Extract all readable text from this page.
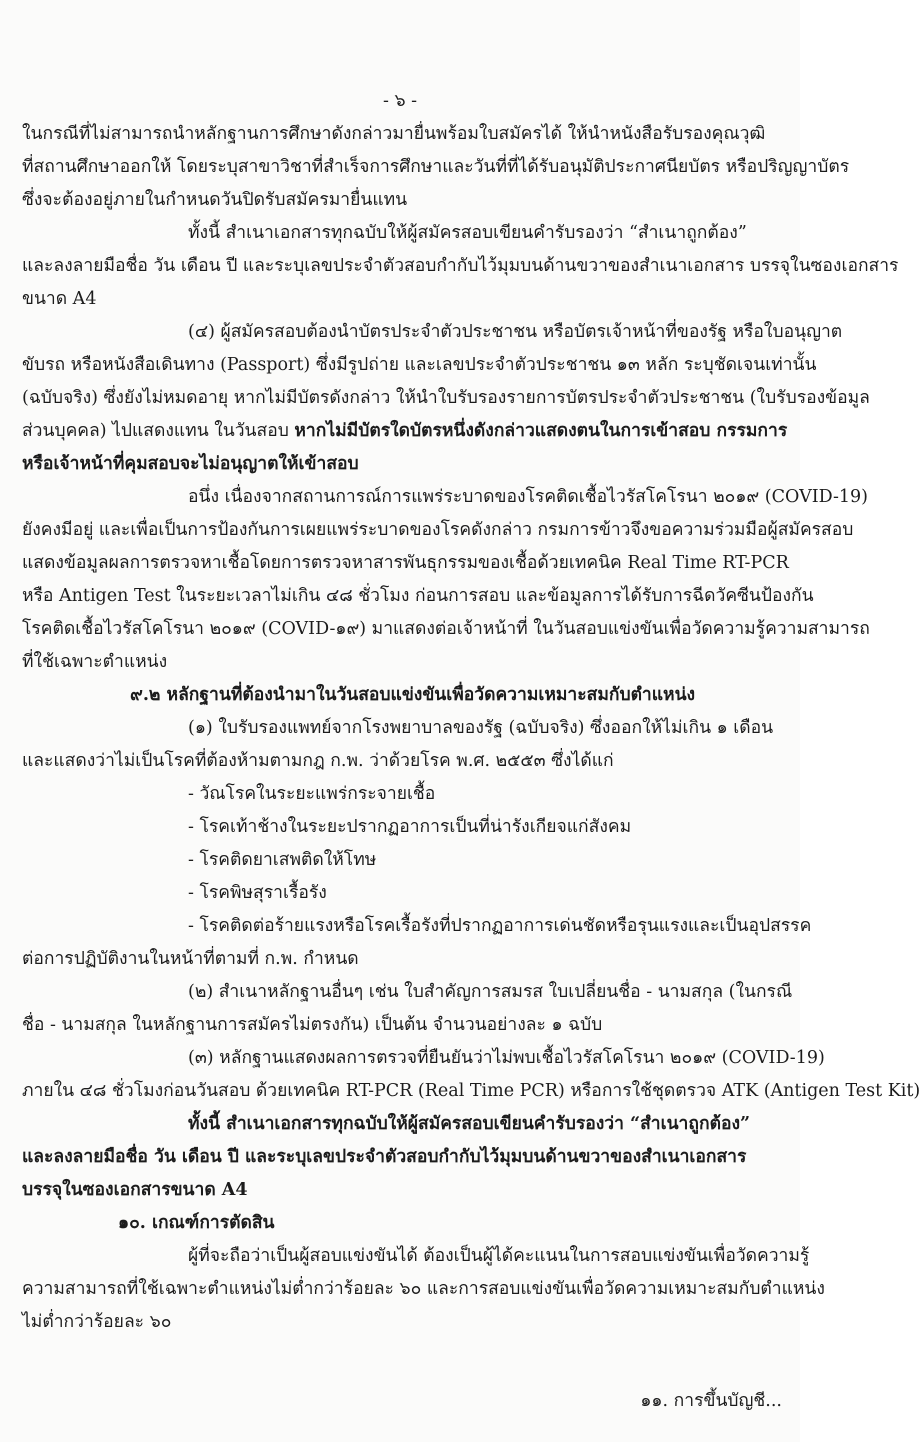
- ๖ -
ในกรณีที่ไม่สามารถนำหลักฐานการศึกษาดังกล่าวมายื่นพร้อมใบสมัครได้ ให้นำหนังสือรับรองคุณวุฒิ
ที่สถานศึกษาออกให้ โดยระบุสาขาวิชาที่สำเร็จการศึกษาและวันที่ที่ได้รับอนุมัติประกาศนียบัตร หรือปริญญาบัตร
ซึ่งจะต้องอยู่ภายในกำหนดวันปิดรับสมัครมายื่นแทน
ทั้งนี้ สำเนาเอกสารทุกฉบับให้ผู้สมัครสอบเขียนคำรับรองว่า “สำเนาถูกต้อง”
และลงลายมือชื่อ วัน เดือน ปี และระบุเลขประจำตัวสอบกำกับไว้มุมบนด้านขวาของสำเนาเอกสาร บรรจุในซองเอกสาร
ขนาด A4
(๔) ผู้สมัครสอบต้องนำบัตรประจำตัวประชาชน หรือบัตรเจ้าหน้าที่ของรัฐ หรือใบอนุญาต
ขับรถ หรือหนังสือเดินทาง (Passport) ซึ่งมีรูปถ่าย และเลขประจำตัวประชาชน ๑๓ หลัก ระบุชัดเจนเท่านั้น
(ฉบับจริง) ซึ่งยังไม่หมดอายุ หากไม่มีบัตรดังกล่าว ให้นำใบรับรองรายการบัตรประจำตัวประชาชน (ใบรับรองข้อมูล
ส่วนบุคคล) ไปแสดงแทน ในวันสอบ หากไม่มีบัตรใดบัตรหนึ่งดังกล่าวแสดงตนในการเข้าสอบ กรรมการ
หรือเจ้าหน้าที่คุมสอบจะไม่อนุญาตให้เข้าสอบ
อนึ่ง เนื่องจากสถานการณ์การแพร่ระบาดของโรคติดเชื้อไวรัสโคโรนา ๒๐๑๙ (COVID-19)
ยังคงมีอยู่ และเพื่อเป็นการป้องกันการเผยแพร่ระบาดของโรคดังกล่าว กรมการข้าวจึงขอความร่วมมือผู้สมัครสอบ
แสดงข้อมูลผลการตรวจหาเชื้อโดยการตรวจหาสารพันธุกรรมของเชื้อด้วยเทคนิค Real Time RT-PCR
หรือ Antigen Test ในระยะเวลาไม่เกิน ๔๘ ชั่วโมง ก่อนการสอบ และข้อมูลการได้รับการฉีดวัคซีนป้องกัน
โรคติดเชื้อไวรัสโคโรนา ๒๐๑๙ (COVID-๑๙) มาแสดงต่อเจ้าหน้าที่ ในวันสอบแข่งขันเพื่อวัดความรู้ความสามารถ
ที่ใช้เฉพาะตำแหน่ง
๙.๒ หลักฐานที่ต้องนำมาในวันสอบแข่งขันเพื่อวัดความเหมาะสมกับตำแหน่ง
(๑) ใบรับรองแพทย์จากโรงพยาบาลของรัฐ (ฉบับจริง) ซึ่งออกให้ไม่เกิน ๑ เดือน
และแสดงว่าไม่เป็นโรคที่ต้องห้ามตามกฎ ก.พ. ว่าด้วยโรค พ.ศ. ๒๕๕๓ ซึ่งได้แก่
- วัณโรคในระยะแพร่กระจายเชื้อ
- โรคเท้าช้างในระยะปรากฏอาการเป็นที่น่ารังเกียจแก่สังคม
- โรคติดยาเสพติดให้โทษ
- โรคพิษสุราเรื้อรัง
- โรคติดต่อร้ายแรงหรือโรคเรื้อรังที่ปรากฏอาการเด่นชัดหรือรุนแรงและเป็นอุปสรรค
ต่อการปฏิบัติงานในหน้าที่ตามที่ ก.พ. กำหนด
(๒) สำเนาหลักฐานอื่นๆ เช่น ใบสำคัญการสมรส ใบเปลี่ยนชื่อ - นามสกุล (ในกรณี
ชื่อ - นามสกุล ในหลักฐานการสมัครไม่ตรงกัน) เป็นต้น จำนวนอย่างละ ๑ ฉบับ
(๓) หลักฐานแสดงผลการตรวจที่ยืนยันว่าไม่พบเชื้อไวรัสโคโรนา ๒๐๑๙ (COVID-19)
ภายใน ๔๘ ชั่วโมงก่อนวันสอบ ด้วยเทคนิค RT-PCR (Real Time PCR) หรือการใช้ชุดตรวจ ATK (Antigen Test Kit)
ทั้งนี้ สำเนาเอกสารทุกฉบับให้ผู้สมัครสอบเขียนคำรับรองว่า “สำเนาถูกต้อง”
และลงลายมือชื่อ วัน เดือน ปี และระบุเลขประจำตัวสอบกำกับไว้มุมบนด้านขวาของสำเนาเอกสาร
บรรจุในซองเอกสารขนาด A4
๑๐. เกณฑ์การตัดสิน
ผู้ที่จะถือว่าเป็นผู้สอบแข่งขันได้ ต้องเป็นผู้ได้คะแนนในการสอบแข่งขันเพื่อวัดความรู้
ความสามารถที่ใช้เฉพาะตำแหน่งไม่ต่ำกว่าร้อยละ ๖๐ และการสอบแข่งขันเพื่อวัดความเหมาะสมกับตำแหน่ง
ไม่ต่ำกว่าร้อยละ ๖๐
๑๑. การขึ้นบัญชี...
